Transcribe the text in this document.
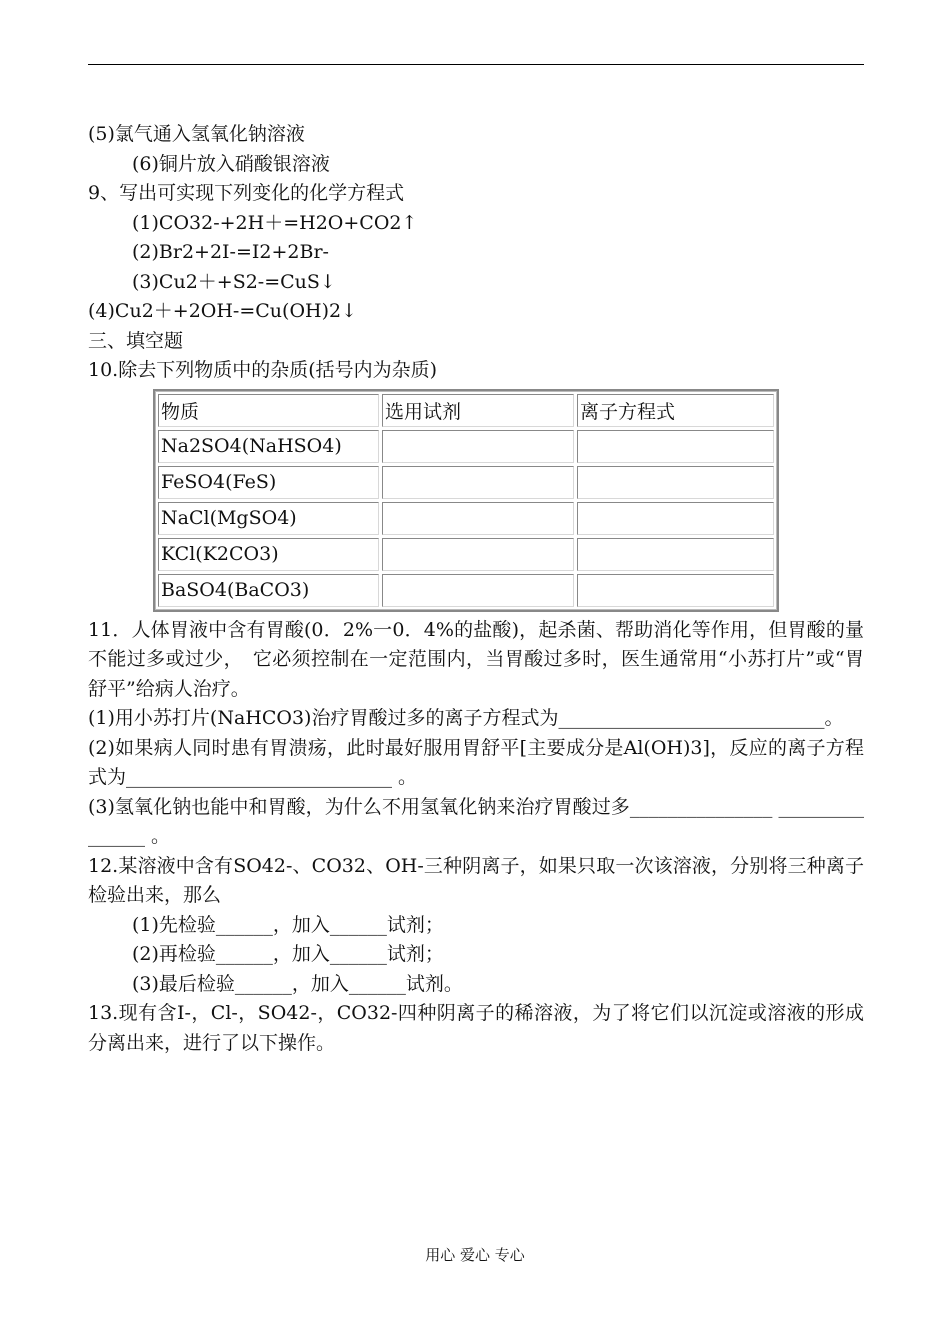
(5)氯气通入氢氧化钠溶液
(6)铜片放入硝酸银溶液
9、写出可实现下列变化的化学方程式
(1)CO32-+2H＋=H2O+CO2↑
(2)Br2+2I-=I2+2Br-
(3)Cu2＋+S2-=CuS↓
(4)Cu2＋+2OH-=Cu(OH)2↓
三、填空题
10.除去下列物质中的杂质(括号内为杂质)
物质	选用试剂	离子方程式
Na2SO4(NaHSO4)		
FeSO4(FeS)		
NaCl(MgSO4)		
KCl(K2CO3)		
BaSO4(BaCO3)		
11．人体胃液中含有胃酸(0．2%一0．4%的盐酸)，起杀菌、帮助消化等作用，但胃酸的量不能过多或过少，　它必须控制在一定范围内，当胃酸过多时，医生通常用“小苏打片”或“胃舒平”给病人治疗。
(1)用小苏打片(NaHCO3)治疗胃酸过多的离子方程式为____________________________。
(2)如果病人同时患有胃溃疡，此时最好服用胃舒平[主要成分是Al(OH)3]，反应的离子方程式为____________________________ 。
(3)氢氧化钠也能中和胃酸，为什么不用氢氧化钠来治疗胃酸过多_______________ _______________ 。
12.某溶液中含有SO42-、CO32、OH-三种阴离子，如果只取一次该溶液，分别将三种离子检验出来，那么
(1)先检验______，加入______试剂；
(2)再检验______，加入______试剂；
(3)最后检验______，加入______试剂。
13.现有含I-，Cl-，SO42-，CO32-四种阴离子的稀溶液，为了将它们以沉淀或溶液的形成分离出来，进行了以下操作。
用心 爱心 专心
